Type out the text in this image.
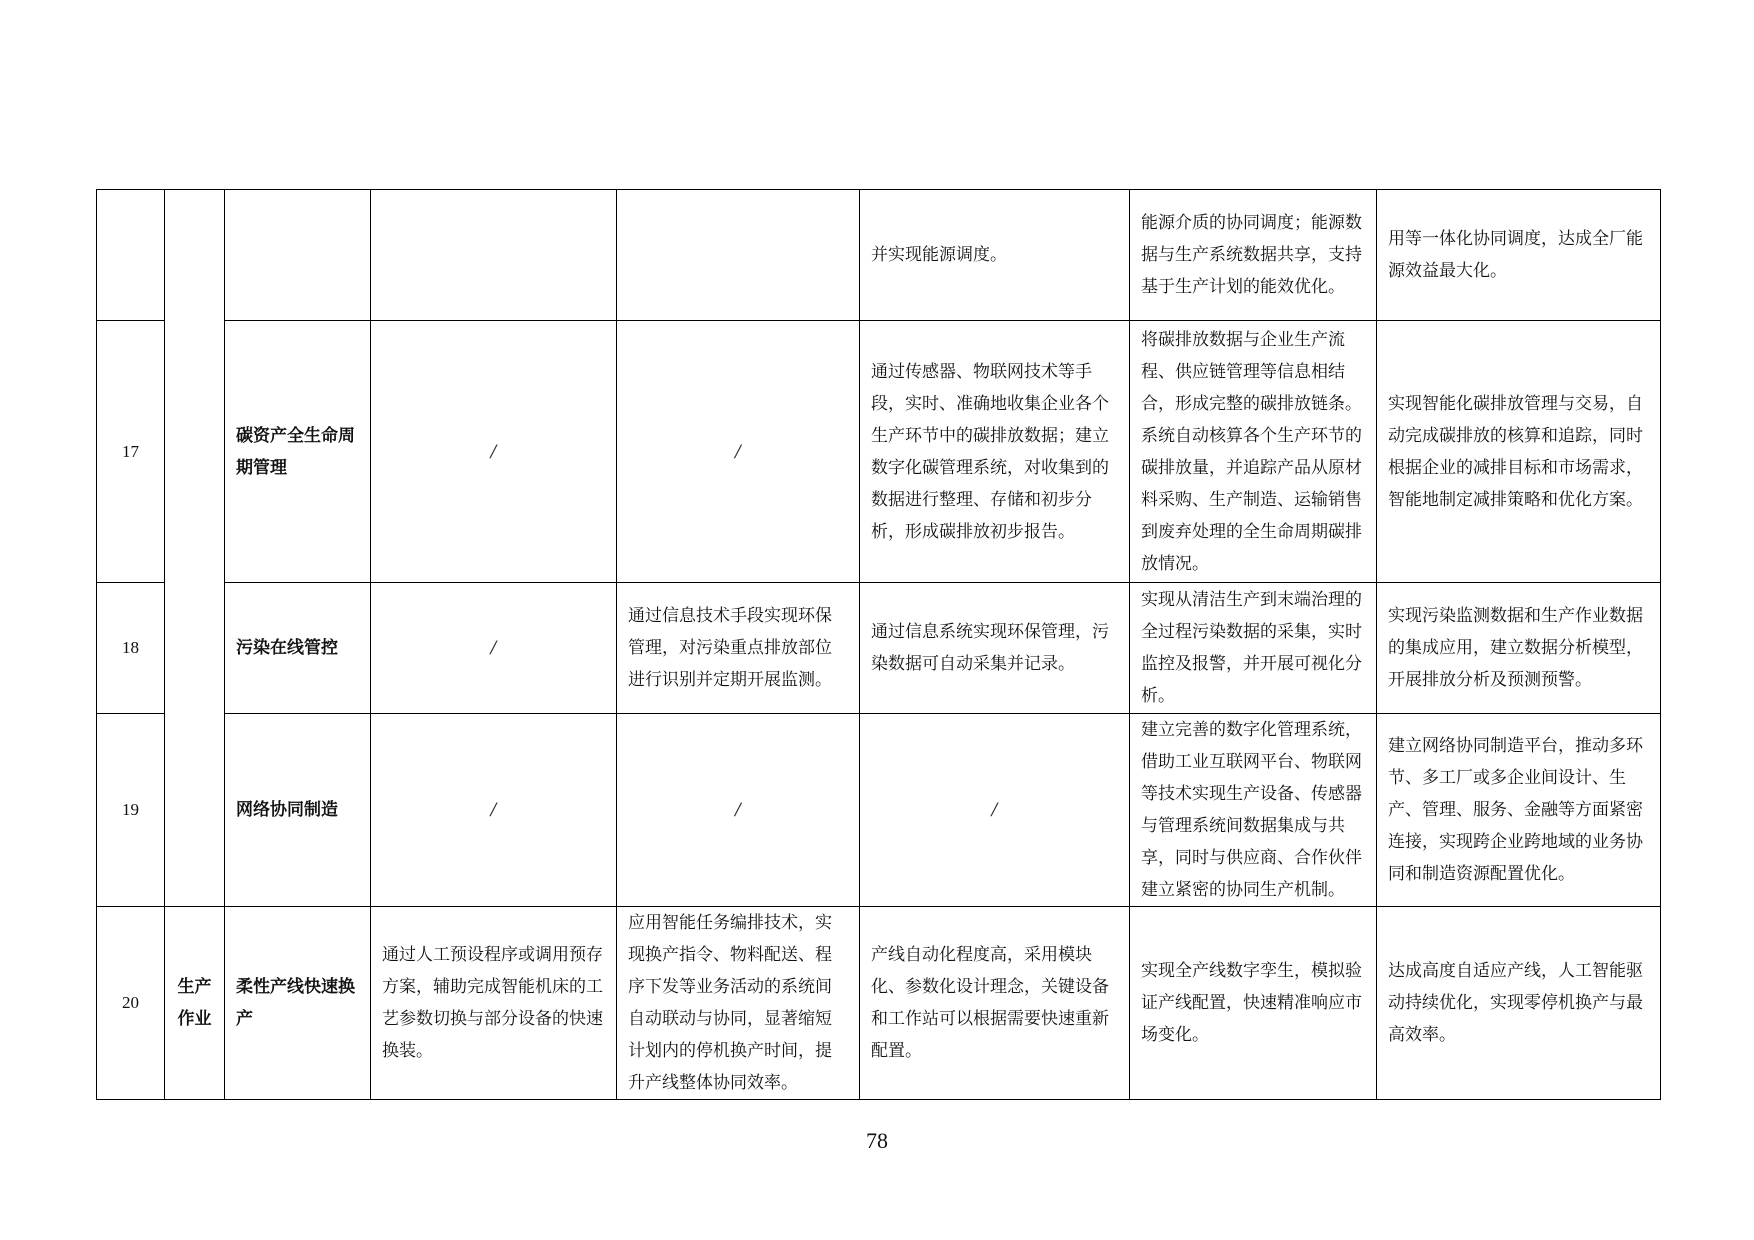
					并实现能源调度。	能源介质的协同调度；能源数据与生产系统数据共享，支持基于生产计划的能效优化。	用等一体化协同调度，达成全厂能源效益最大化。
17		碳资产全生命周期管理	/	/	通过传感器、物联网技术等手段，实时、准确地收集企业各个生产环节中的碳排放数据；建立数字化碳管理系统，对收集到的数据进行整理、存储和初步分析，形成碳排放初步报告。	将碳排放数据与企业生产流程、供应链管理等信息相结合，形成完整的碳排放链条。系统自动核算各个生产环节的碳排放量，并追踪产品从原材料采购、生产制造、运输销售到废弃处理的全生命周期碳排放情况。	实现智能化碳排放管理与交易，自动完成碳排放的核算和追踪，同时根据企业的减排目标和市场需求，智能地制定减排策略和优化方案。
18		污染在线管控	/	通过信息技术手段实现环保管理，对污染重点排放部位进行识别并定期开展监测。	通过信息系统实现环保管理，污染数据可自动采集并记录。	实现从清洁生产到末端治理的全过程污染数据的采集，实时监控及报警，并开展可视化分析。	实现污染监测数据和生产作业数据的集成应用，建立数据分析模型，开展排放分析及预测预警。
19		网络协同制造	/	/	/	建立完善的数字化管理系统，借助工业互联网平台、物联网等技术实现生产设备、传感器与管理系统间数据集成与共享，同时与供应商、合作伙伴建立紧密的协同生产机制。	建立网络协同制造平台，推动多环节、多工厂或多企业间设计、生产、管理、服务、金融等方面紧密连接，实现跨企业跨地域的业务协同和制造资源配置优化。
20	生产作业	柔性产线快速换产	通过人工预设程序或调用预存方案，辅助完成智能机床的工艺参数切换与部分设备的快速换装。	应用智能任务编排技术，实现换产指令、物料配送、程序下发等业务活动的系统间自动联动与协同，显著缩短计划内的停机换产时间，提升产线整体协同效率。	产线自动化程度高，采用模块化、参数化设计理念，关键设备和工作站可以根据需要快速重新配置。	实现全产线数字孪生，模拟验证产线配置，快速精准响应市场变化。	达成高度自适应产线，人工智能驱动持续优化，实现零停机换产与最高效率。
78
